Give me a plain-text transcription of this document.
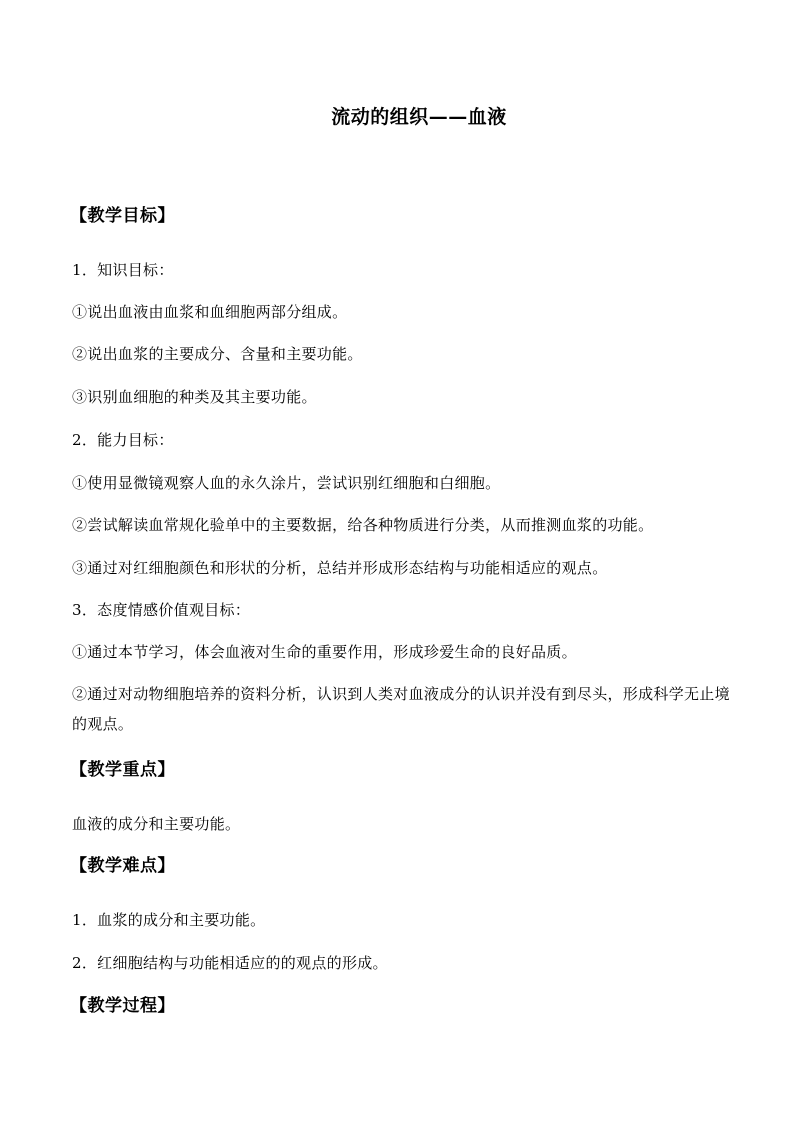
流动的组织——血液
【教学目标】
1．知识目标：
①说出血液由血浆和血细胞两部分组成。
②说出血浆的主要成分、含量和主要功能。
③识别血细胞的种类及其主要功能。
2．能力目标：
①使用显微镜观察人血的永久涂片，尝试识别红细胞和白细胞。
②尝试解读血常规化验单中的主要数据，给各种物质进行分类，从而推测血浆的功能。
③通过对红细胞颜色和形状的分析，总结并形成形态结构与功能相适应的观点。
3．态度情感价值观目标：
①通过本节学习，体会血液对生命的重要作用，形成珍爱生命的良好品质。
②通过对动物细胞培养的资料分析，认识到人类对血液成分的认识并没有到尽头，形成科学无止境的观点。
【教学重点】
血液的成分和主要功能。
【教学难点】
1．血浆的成分和主要功能。
2．红细胞结构与功能相适应的的观点的形成。
【教学过程】
